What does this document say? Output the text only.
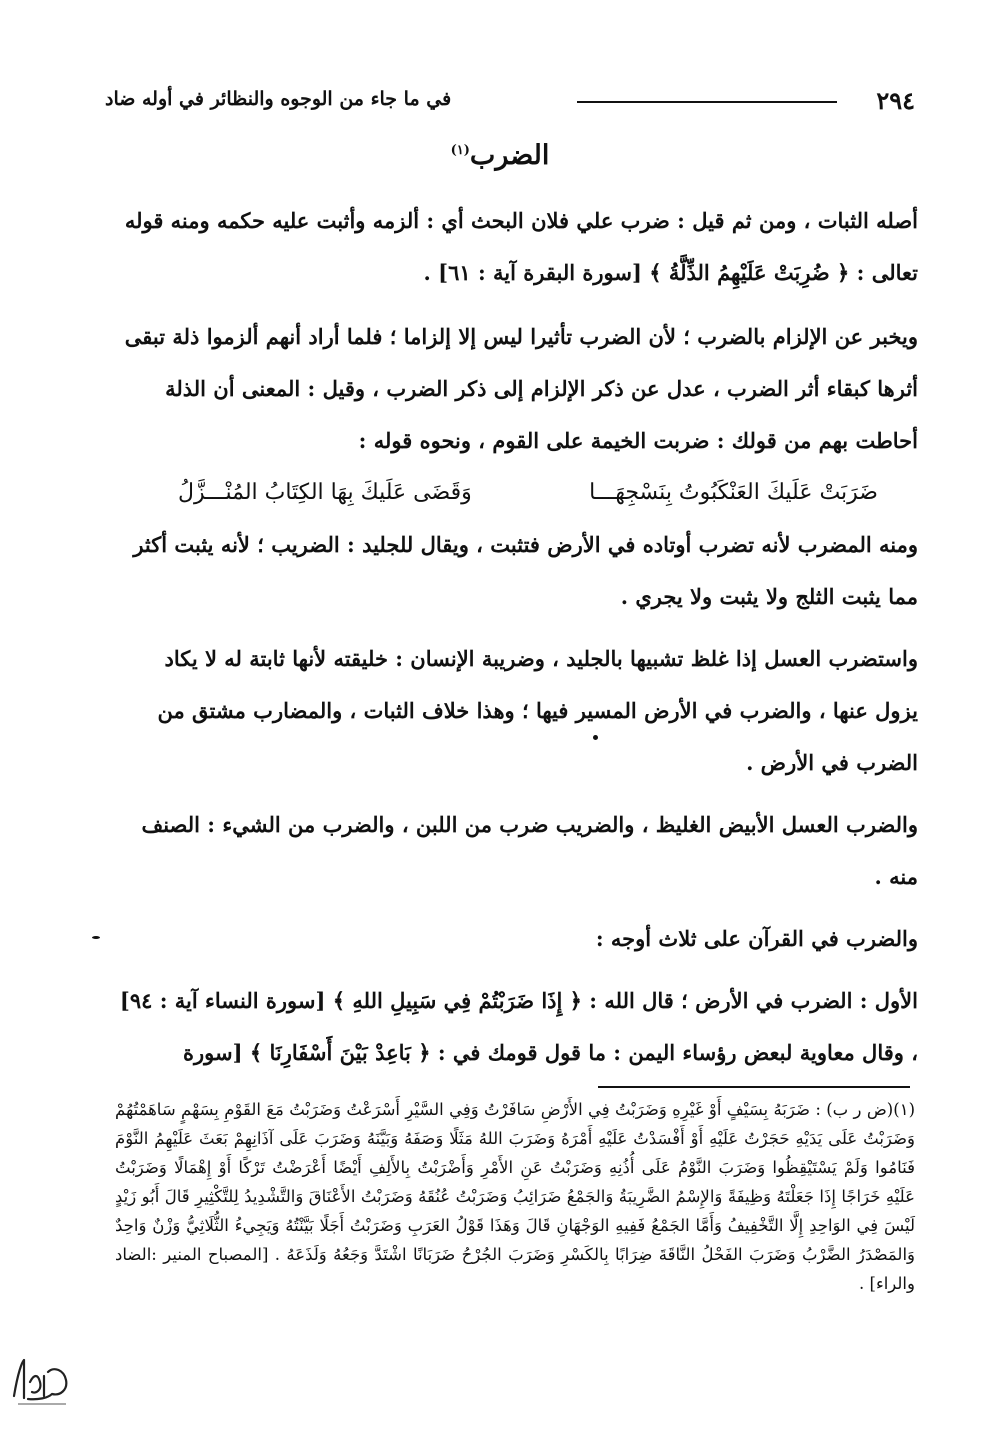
٢٩٤
في ما جاء من الوجوه والنظائر في أوله ضاد
الضرب$^{(١)}$

أصله الثبات ، ومن ثم قيل : ضرب علي فلان البحث أي : ألزمه وأثبت عليه حكمه ومنه قوله تعالى : ﴿ ضُرِبَتْ عَلَيْهِمُ الذِّلَّةُ ﴾ [سورة البقرة آية : ٦١] .

ويخبر عن الإلزام بالضرب ؛ لأن الضرب تأثيرا ليس إلا إلزاما ؛ فلما أراد أنهم ألزموا ذلة تبقى أثرها كبقاء أثر الضرب ، عدل عن ذكر الإلزام إلى ذكر الضرب ، وقيل : المعنى أن الذلة أحاطت بهم من قولك : ضربت الخيمة على القوم ، ونحوه قوله :

ضَرَبَتْ عَلَيكَ العَنْكَبُوتُ بِنَسْجِهَـــا
وَقَضَى عَلَيكَ بِهَا الكِتَابُ المُنْـــزَّلُ

ومنه المضرب لأنه تضرب أوتاده في الأرض فتثبت ، ويقال للجليد : الضريب ؛ لأنه يثبت أكثر مما يثبت الثلج ولا يثبت ولا يجري .

واستضرب العسل إذا غلظ تشبيها بالجليد ، وضريبة الإنسان : خليقته لأنها ثابتة له لا يكاد يزول عنها ، والضرب في الأرض المسير فيها ؛ وهذا خلاف الثبات ، والمضارب مشتق من الضرب في الأرض .

والضرب العسل الأبيض الغليظ ، والضريب ضرب من اللبن ، والضرب من الشيء : الصنف منه .

والضرب في القرآن على ثلاث أوجه :

الأول : الضرب في الأرض ؛ قال الله : ﴿ إِذَا ضَرَبْتُمْ فِي سَبِيلِ اللهِ ﴾ [سورة النساء آية : ٩٤] ، وقال معاوية لبعض رؤساء اليمن : ما قول قومك في : ﴿ بَاعِدْ بَيْنَ أَسْفَارِنَا ﴾ [سورة

(١)(ض ر ب) : ضَرَبَهُ بِسَيْفٍ أَوْ غَيْرِهِ وَضَرَبْتُ فِي الأَرْضِ سَافَرْتُ وَفِي السَّيْرِ أَسْرَعْتُ وَضَرَبْتُ مَعَ القَوْمِ بِسَهْمٍ سَاهَمْتُهُمْ وَضَرَبْتُ عَلَى يَدَيْهِ حَجَرْتُ عَلَيْهِ أَوْ أَفْسَدْتُ عَلَيْهِ أَمْرَهُ وَضَرَبَ اللهُ مَثَلًا وَصَفَهُ وَبَيَّنَهُ وَضَرَبَ عَلَى آذَانِهِمْ بَعَثَ عَلَيْهِمُ النَّوْمَ فَنَامُوا وَلَمْ يَسْتَيْقِظُوا وَضَرَبَ النَّوْمُ عَلَى أُذُنِهِ وَضَرَبْتُ عَنِ الأَمْرِ وَأَضْرَبْتُ بِالأَلِفِ أَيْضًا أَعْرَضْتُ تَرْكًا أَوْ إِهْمَالًا وَضَرَبْتُ عَلَيْهِ خَرَاجًا إِذَا جَعَلْتَهُ وَظِيفَةً وَالإِسْمُ الضَّرِيبَةُ وَالجَمْعُ ضَرَائِبُ وَضَرَبْتُ عُنُقَهُ وَضَرَبْتُ الأَعْنَاقَ وَالتَّشْدِيدُ لِلتَّكْثِيرِ قَالَ أَبُو زَيْدٍ لَيْسَ فِي الوَاحِدِ إِلَّا التَّخْفِيفُ وَأَمَّا الجَمْعُ فَفِيهِ الوَجْهَانِ قَالَ وَهَذَا قَوْلُ العَرَبِ وَضَرَبْتُ أَجَلًا بَيَّنْتُهُ وَيَجِيءُ الثُّلَاثِيُّ وَزْنٌ وَاحِدٌ وَالمَصْدَرُ الضَّرْبُ وَضَرَبَ الفَحْلُ النَّاقَةَ ضِرَابًا بِالكَسْرِ وَضَرَبَ الجُرْحُ ضَرَبَانًا اشْتَدَّ وَجَعُهُ وَلَذَعَهُ . [المصباح المنير :الضاد والراء] .
